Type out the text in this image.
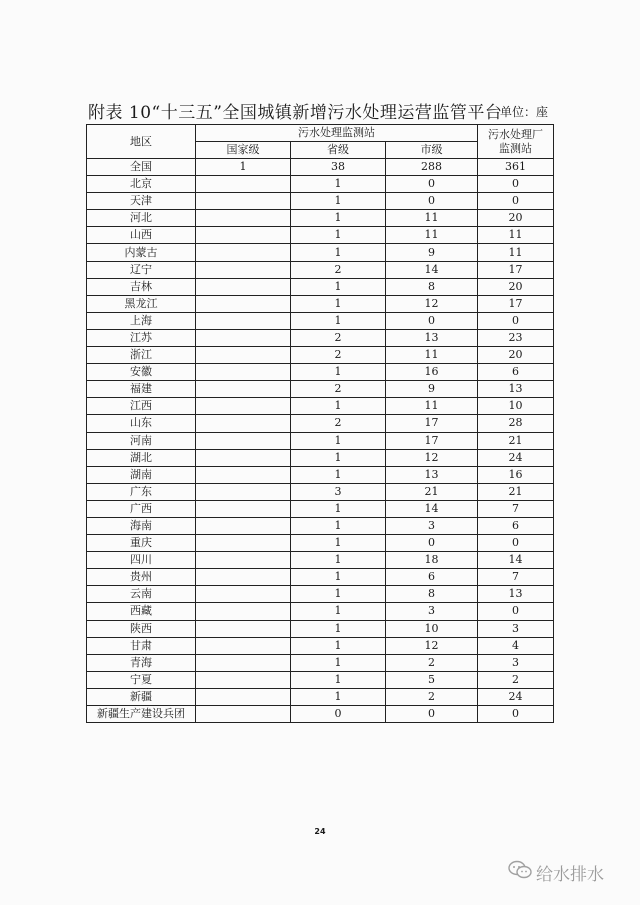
附表 10“十三五”全国城镇新增污水处理运营监管平台
单位：座
地区	污水处理监测站			污水处理厂
监测站

	国家级	省级	市级	
全国	1	38	288	361
北京		1	0	0
天津		1	0	0
河北		1	11	20
山西		1	11	11
内蒙古		1	9	11
辽宁		2	14	17
吉林		1	8	20
黑龙江		1	12	17
上海		1	0	0
江苏		2	13	23
浙江		2	11	20
安徽		1	16	6
福建		2	9	13
江西		1	11	10
山东		2	17	28
河南		1	17	21
湖北		1	12	24
湖南		1	13	16
广东		3	21	21
广西		1	14	7
海南		1	3	6
重庆		1	0	0
四川		1	18	14
贵州		1	6	7
云南		1	8	13
西藏		1	3	0
陕西		1	10	3
甘肃		1	12	4
青海		1	2	3
宁夏		1	5	2
新疆		1	2	24
新疆生产建设兵团		0	0	0
24
给水排水
